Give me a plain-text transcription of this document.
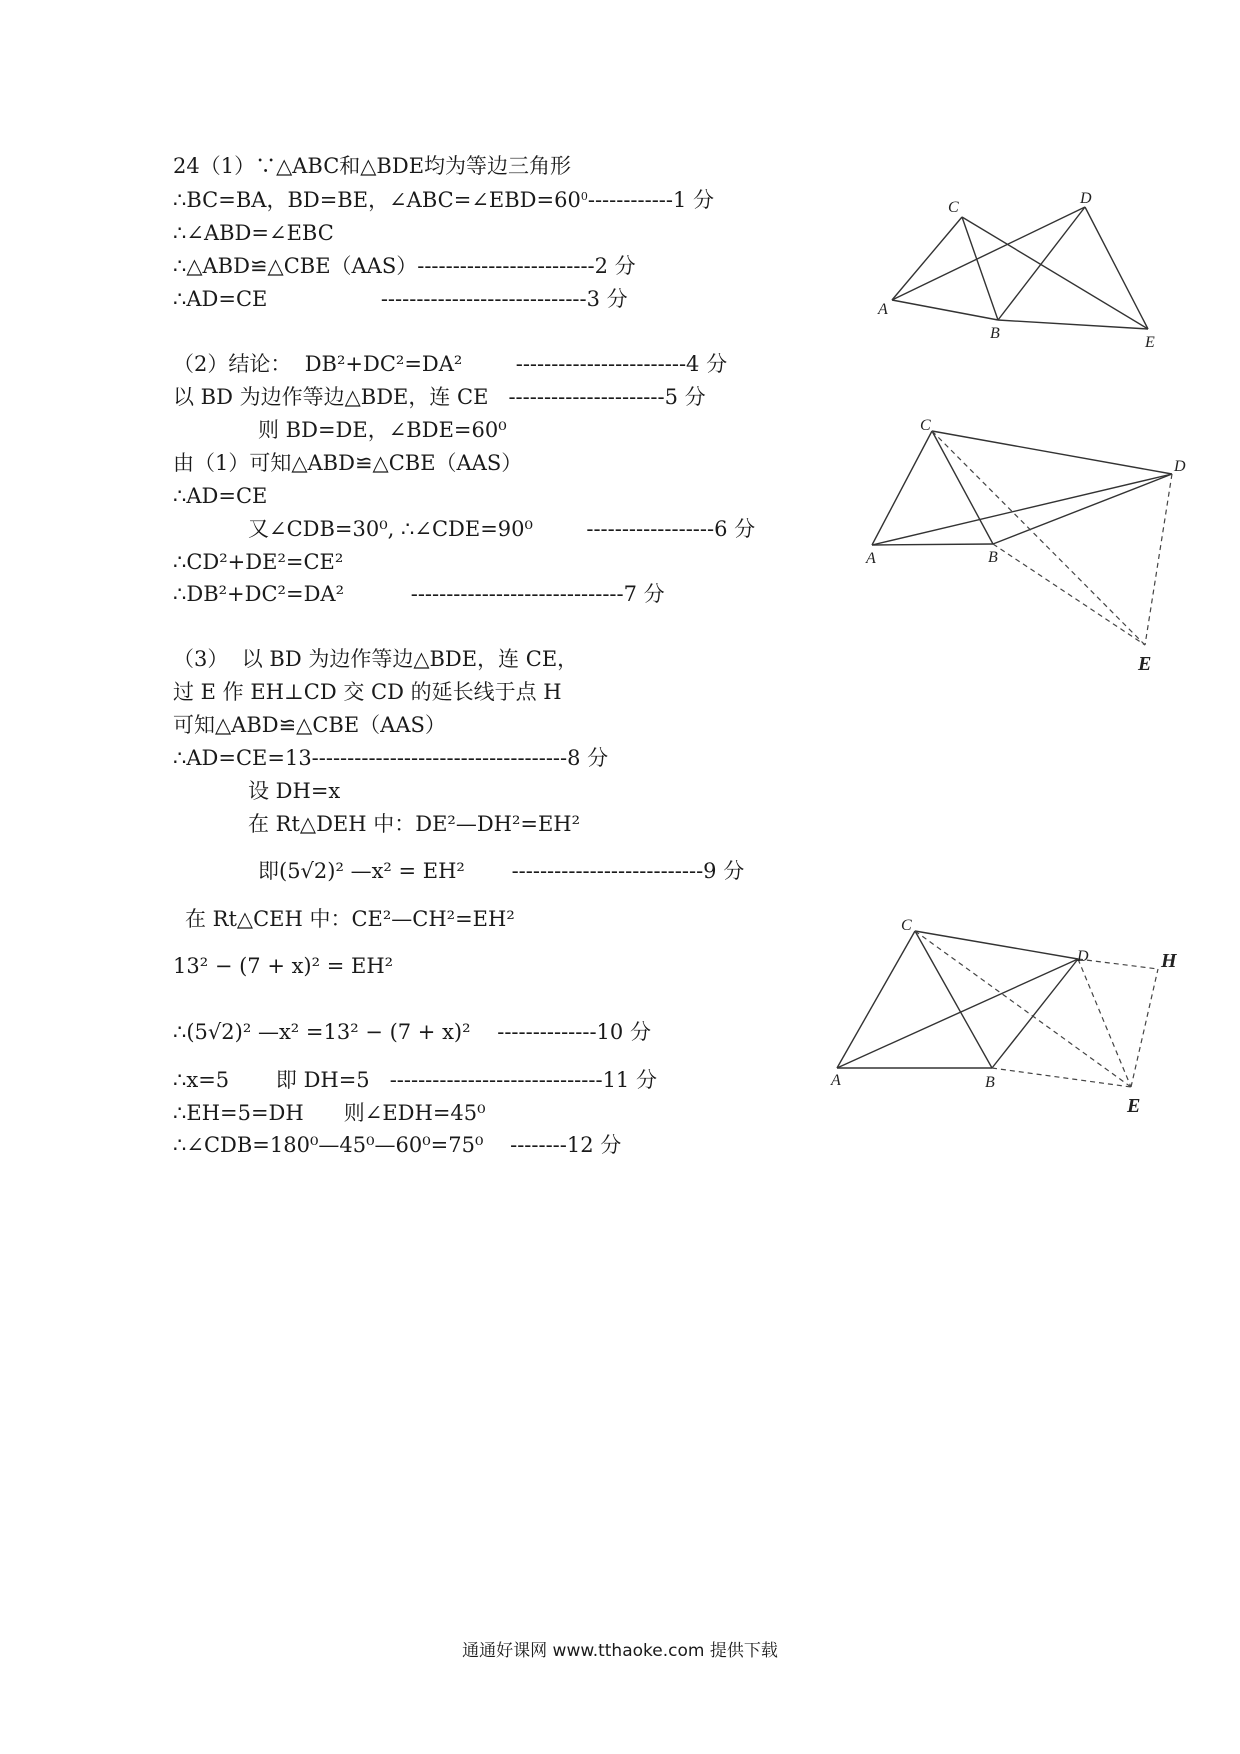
24（1）∵△ABC和△BDE均为等边三角形
∴BC=BA，BD=BE，$\angle ABC=\angle EBD=60^0------------1$ 分
∴∠ABD=∠EBC
∴△ABD≌△CBE（AAS）-------------------------2 分
∴AD=CE                 -----------------------------3 分
（2）结论：  DB²+DC²=DA²        ------------------------4 分
以 BD 为边作等边△BDE，连 CE   ----------------------5 分
则 BD=DE，∠BDE=60⁰
由（1）可知△ABD≌△CBE（AAS）
∴AD=CE
又∠CDB=30⁰, ∴∠CDE=90⁰        ------------------6 分
∴CD²+DE²=CE²
∴DB²+DC²=DA²          ------------------------------7 分
（3）  以 BD 为边作等边△BDE，连 CE，
过 E 作 EH⊥CD 交 CD 的延长线于点 H
可知△ABD≌△CBE（AAS）
∴AD=CE=13------------------------------------8 分
设 DH=x
在 Rt△DEH 中：DE²—DH²=EH²
即(5√2)² —x² = EH²       ---------------------------9 分
在 Rt△CEH 中：CE²—CH²=EH²
13² − (7 + x)² = EH²
∴(5√2)² —x² =13² − (7 + x)²    --------------10 分
∴x=5       即 DH=5   ------------------------------11 分
∴EH=5=DH      则∠EDH=45⁰
∴∠CDB=180⁰—45⁰—60⁰=75⁰    --------12 分
C
D
A
B
E
C
D
A	B
E
C
D	H
A	B
E
通通好课网 www.tthaoke.com 提供下载
